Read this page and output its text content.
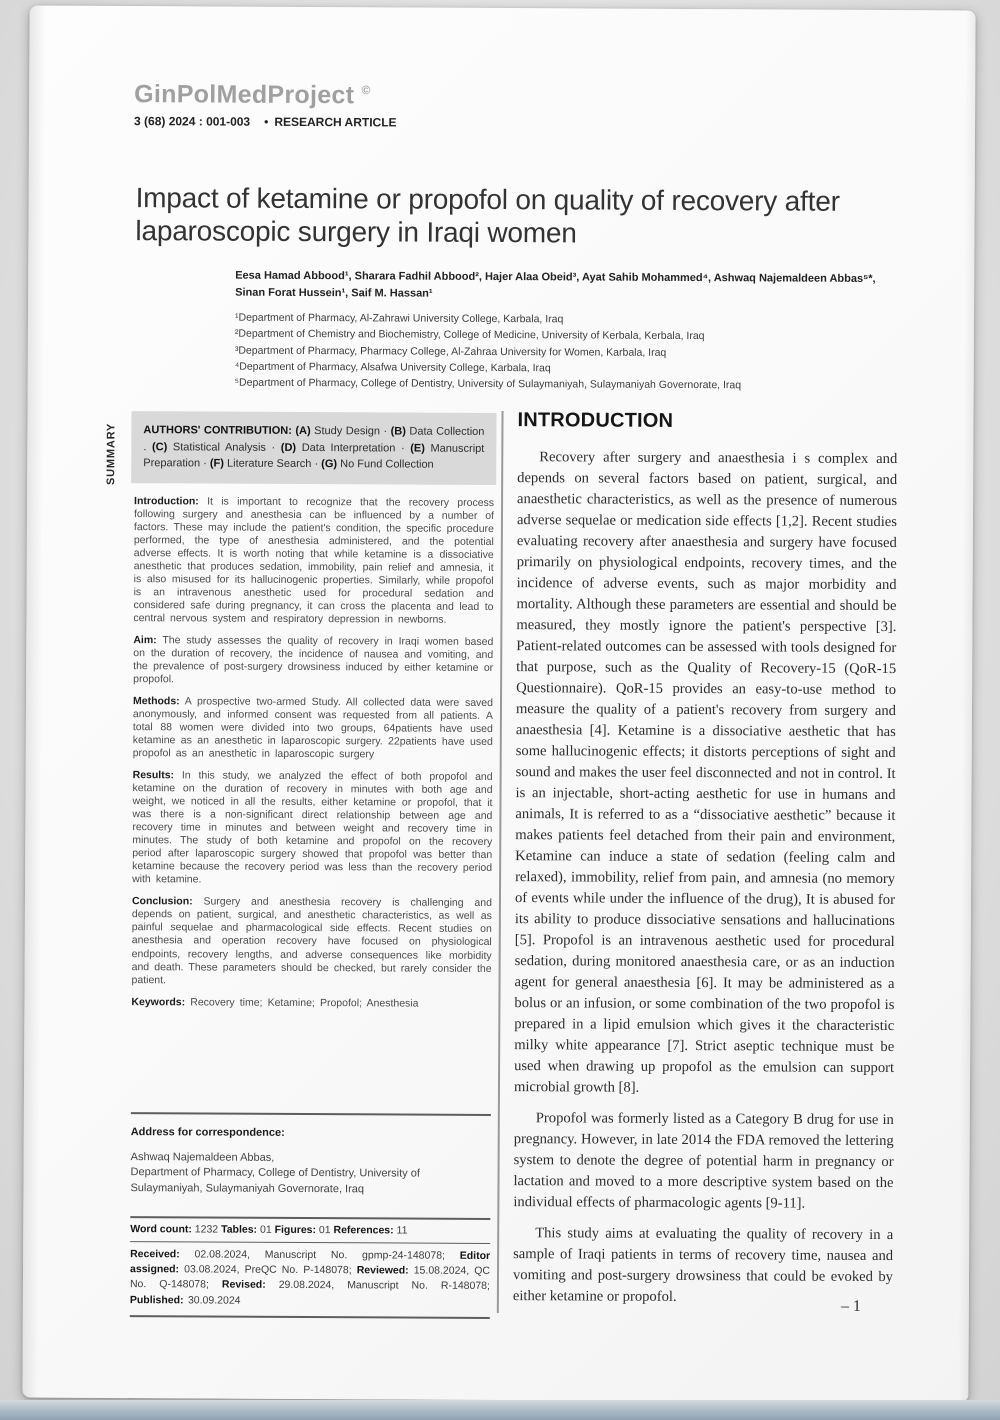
GinPolMedProject ©
3 (68) 2024 : 001-003 • RESEARCH ARTICLE
Impact of ketamine or propofol on quality of recovery after laparoscopic surgery in Iraqi women
Eesa Hamad Abbood¹, Sharara Fadhil Abbood², Hajer Alaa Obeid³, Ayat Sahib Mohammed⁴, Ashwaq Najemaldeen Abbas⁵*, Sinan Forat Hussein¹, Saif M. Hassan¹
¹Department of Pharmacy, Al-Zahrawi University College, Karbala, Iraq
²Department of Chemistry and Biochemistry, College of Medicine, University of Kerbala, Kerbala, Iraq
³Department of Pharmacy, Pharmacy College, Al-Zahraa University for Women, Karbala, Iraq
⁴Department of Pharmacy, Alsafwa University College, Karbala, Iraq
⁵Department of Pharmacy, College of Dentistry, University of Sulaymaniyah, Sulaymaniyah Governorate, Iraq
SUMMARY	AUTHORS' CONTRIBUTION: (A) Study Design · (B) Data Collection . (C) Statistical Analysis · (D) Data Interpretation · (E) Manuscript Preparation · (F) Literature Search · (G) No Fund Collection

Introduction: It is important to recognize that the recovery process following surgery and anesthesia can be influenced by a number of factors. These may include the patient's condition, the specific procedure performed, the type of anesthesia administered, and the potential adverse effects. It is worth noting that while ketamine is a dissociative anesthetic that produces sedation, immobility, pain relief and amnesia, it is also misused for its hallucinogenic properties. Similarly, while propofol is an intravenous anesthetic used for procedural sedation and considered safe during pregnancy, it can cross the placenta and lead to central nervous system and respiratory depression in newborns.

Aim: The study assesses the quality of recovery in Iraqi women based on the duration of recovery, the incidence of nausea and vomiting, and the prevalence of post-surgery drowsiness induced by either ketamine or propofol.

Methods: A prospective two-armed Study. All collected data were saved anonymously, and informed consent was requested from all patients. A total 88 women were divided into two groups, 64patients have used ketamine as an anesthetic in laparoscopic surgery. 22patients have used propofol as an anesthetic in laparoscopic surgery

Results: In this study, we analyzed the effect of both propofol and ketamine on the duration of recovery in minutes with both age and weight, we noticed in all the results, either ketamine or propofol, that it was there is a non-significant direct relationship between age and recovery time in minutes and between weight and recovery time in minutes. The study of both ketamine and propofol on the recovery period after laparoscopic surgery showed that propofol was better than ketamine because the recovery period was less than the recovery period with ketamine.

Conclusion: Surgery and anesthesia recovery is challenging and depends on patient, surgical, and anesthetic characteristics, as well as painful sequelae and pharmacological side effects. Recent studies on anesthesia and operation recovery have focused on physiological endpoints, recovery lengths, and adverse consequences like morbidity and death. These parameters should be checked, but rarely consider the patient.

Keywords: Recovery time; Ketamine; Propofol; Anesthesia

Address for correspondence:
Ashwaq Najemaldeen Abbas,
Department of Pharmacy, College of Dentistry, University of Sulaymaniyah, Sulaymaniyah Governorate, Iraq
Word count: 1232 Tables: 01 Figures: 01 References: 11
Received: 02.08.2024, Manuscript No. gpmp-24-148078; Editor assigned: 03.08.2024, PreQC No. P-148078; Reviewed: 15.08.2024, QC No. Q-148078; Revised: 29.08.2024, Manuscript No. R-148078; Published: 30.09.2024
INTRODUCTION

Recovery after surgery and anaesthesia i s complex and depends on several factors based on patient, surgical, and anaesthetic characteristics, as well as the presence of numerous adverse sequelae or medication side effects [1,2]. Recent studies evaluating recovery after anaesthesia and surgery have focused primarily on physiological endpoints, recovery times, and the incidence of adverse events, such as major morbidity and mortality. Although these parameters are essential and should be measured, they mostly ignore the patient's perspective [3]. Patient-related outcomes can be assessed with tools designed for that purpose, such as the Quality of Recovery-15 (QoR-15 Questionnaire). QoR-15 provides an easy-to-use method to measure the quality of a patient's recovery from surgery and anaesthesia [4]. Ketamine is a dissociative aesthetic that has some hallucinogenic effects; it distorts perceptions of sight and sound and makes the user feel disconnected and not in control. It is an injectable, short-acting aesthetic for use in humans and animals, It is referred to as a “dissociative aesthetic” because it makes patients feel detached from their pain and environment, Ketamine can induce a state of sedation (feeling calm and relaxed), immobility, relief from pain, and amnesia (no memory of events while under the influence of the drug), It is abused for its ability to produce dissociative sensations and hallucinations [5]. Propofol is an intravenous aesthetic used for procedural sedation, during monitored anaesthesia care, or as an induction agent for general anaesthesia [6]. It may be administered as a bolus or an infusion, or some combination of the two propofol is prepared in a lipid emulsion which gives it the characteristic milky white appearance [7]. Strict aseptic technique must be used when drawing up propofol as the emulsion can support microbial growth [8].

Propofol was formerly listed as a Category B drug for use in pregnancy. However, in late 2014 the FDA removed the lettering system to denote the degree of potential harm in pregnancy or lactation and moved to a more descriptive system based on the individual effects of pharmacologic agents [9-11].

This study aims at evaluating the quality of recovery in a sample of Iraqi patients in terms of recovery time, nausea and vomiting and post-surgery drowsiness that could be evoked by either ketamine or propofol.

– 1
